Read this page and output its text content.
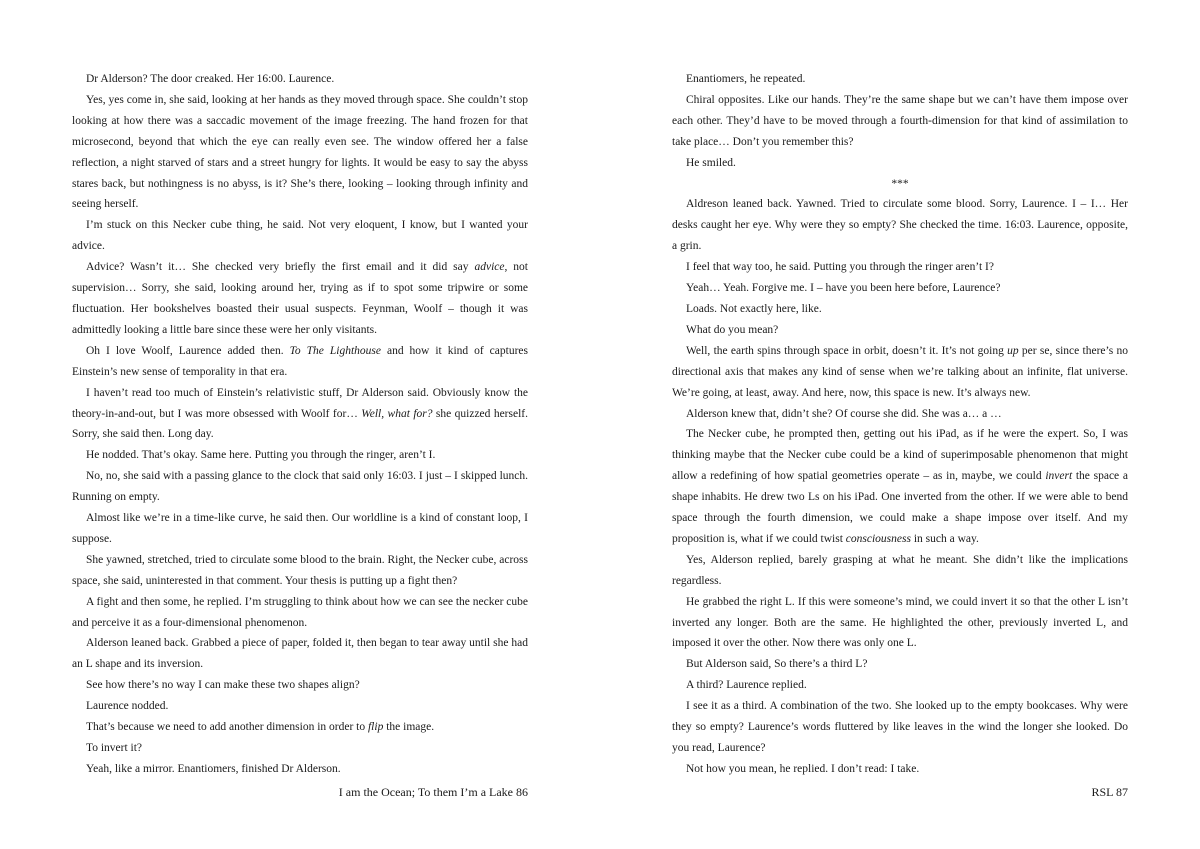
Dr Alderson? The door creaked. Her 16:00. Laurence.

Yes, yes come in, she said, looking at her hands as they moved through space. She couldn’t stop looking at how there was a saccadic movement of the image freezing. The hand frozen for that microsecond, beyond that which the eye can really even see. The window offered her a false reflection, a night starved of stars and a street hungry for lights. It would be easy to say the abyss stares back, but nothingness is no abyss, is it? She’s there, looking – looking through infinity and seeing herself.

I’m stuck on this Necker cube thing, he said. Not very eloquent, I know, but I wanted your advice.

Advice? Wasn’t it… She checked very briefly the first email and it did say advice, not supervision… Sorry, she said, looking around her, trying as if to spot some tripwire or some fluctuation. Her bookshelves boasted their usual suspects. Feynman, Woolf – though it was admittedly looking a little bare since these were her only visitants.

Oh I love Woolf, Laurence added then. To The Lighthouse and how it kind of captures Einstein’s new sense of temporality in that era.

I haven’t read too much of Einstein’s relativistic stuff, Dr Alderson said. Obviously know the theory-in-and-out, but I was more obsessed with Woolf for… Well, what for? she quizzed herself. Sorry, she said then. Long day.

He nodded. That’s okay. Same here. Putting you through the ringer, aren’t I.

No, no, she said with a passing glance to the clock that said only 16:03. I just – I skipped lunch. Running on empty.

Almost like we’re in a time-like curve, he said then. Our worldline is a kind of constant loop, I suppose.

She yawned, stretched, tried to circulate some blood to the brain. Right, the Necker cube, across space, she said, uninterested in that comment. Your thesis is putting up a fight then?

A fight and then some, he replied. I’m struggling to think about how we can see the necker cube and perceive it as a four-dimensional phenomenon.

Alderson leaned back. Grabbed a piece of paper, folded it, then began to tear away until she had an L shape and its inversion.

See how there’s no way I can make these two shapes align?

Laurence nodded.

That’s because we need to add another dimension in order to flip the image.

To invert it?

Yeah, like a mirror. Enantiomers, finished Dr Alderson.

I am the Ocean; To them I’m a Lake 86

Enantiomers, he repeated.

Chiral opposites. Like our hands. They’re the same shape but we can’t have them impose over each other. They’d have to be moved through a fourth-dimension for that kind of assimilation to take place… Don’t you remember this?

He smiled.

***

Aldreson leaned back. Yawned. Tried to circulate some blood. Sorry, Laurence. I – I… Her desks caught her eye. Why were they so empty? She checked the time. 16:03. Laurence, opposite, a grin.

I feel that way too, he said. Putting you through the ringer aren’t I?

Yeah… Yeah. Forgive me. I – have you been here before, Laurence?

Loads. Not exactly here, like.

What do you mean?

Well, the earth spins through space in orbit, doesn’t it. It’s not going up per se, since there’s no directional axis that makes any kind of sense when we’re talking about an infinite, flat universe. We’re going, at least, away. And here, now, this space is new. It’s always new.

Alderson knew that, didn’t she? Of course she did. She was a… a …

The Necker cube, he prompted then, getting out his iPad, as if he were the expert. So, I was thinking maybe that the Necker cube could be a kind of superimposable phenomenon that might allow a redefining of how spatial geometries operate – as in, maybe, we could invert the space a shape inhabits. He drew two Ls on his iPad. One inverted from the other. If we were able to bend space through the fourth dimension, we could make a shape impose over itself. And my proposition is, what if we could twist consciousness in such a way.

Yes, Alderson replied, barely grasping at what he meant. She didn’t like the implications regardless.

He grabbed the right L. If this were someone’s mind, we could invert it so that the other L isn’t inverted any longer. Both are the same. He highlighted the other, previously inverted L, and imposed it over the other. Now there was only one L.

But Alderson said, So there’s a third L?

A third? Laurence replied.

I see it as a third. A combination of the two. She looked up to the empty bookcases. Why were they so empty? Laurence’s words fluttered by like leaves in the wind the longer she looked. Do you read, Laurence?

Not how you mean, he replied. I don’t read: I take.

RSL 87
